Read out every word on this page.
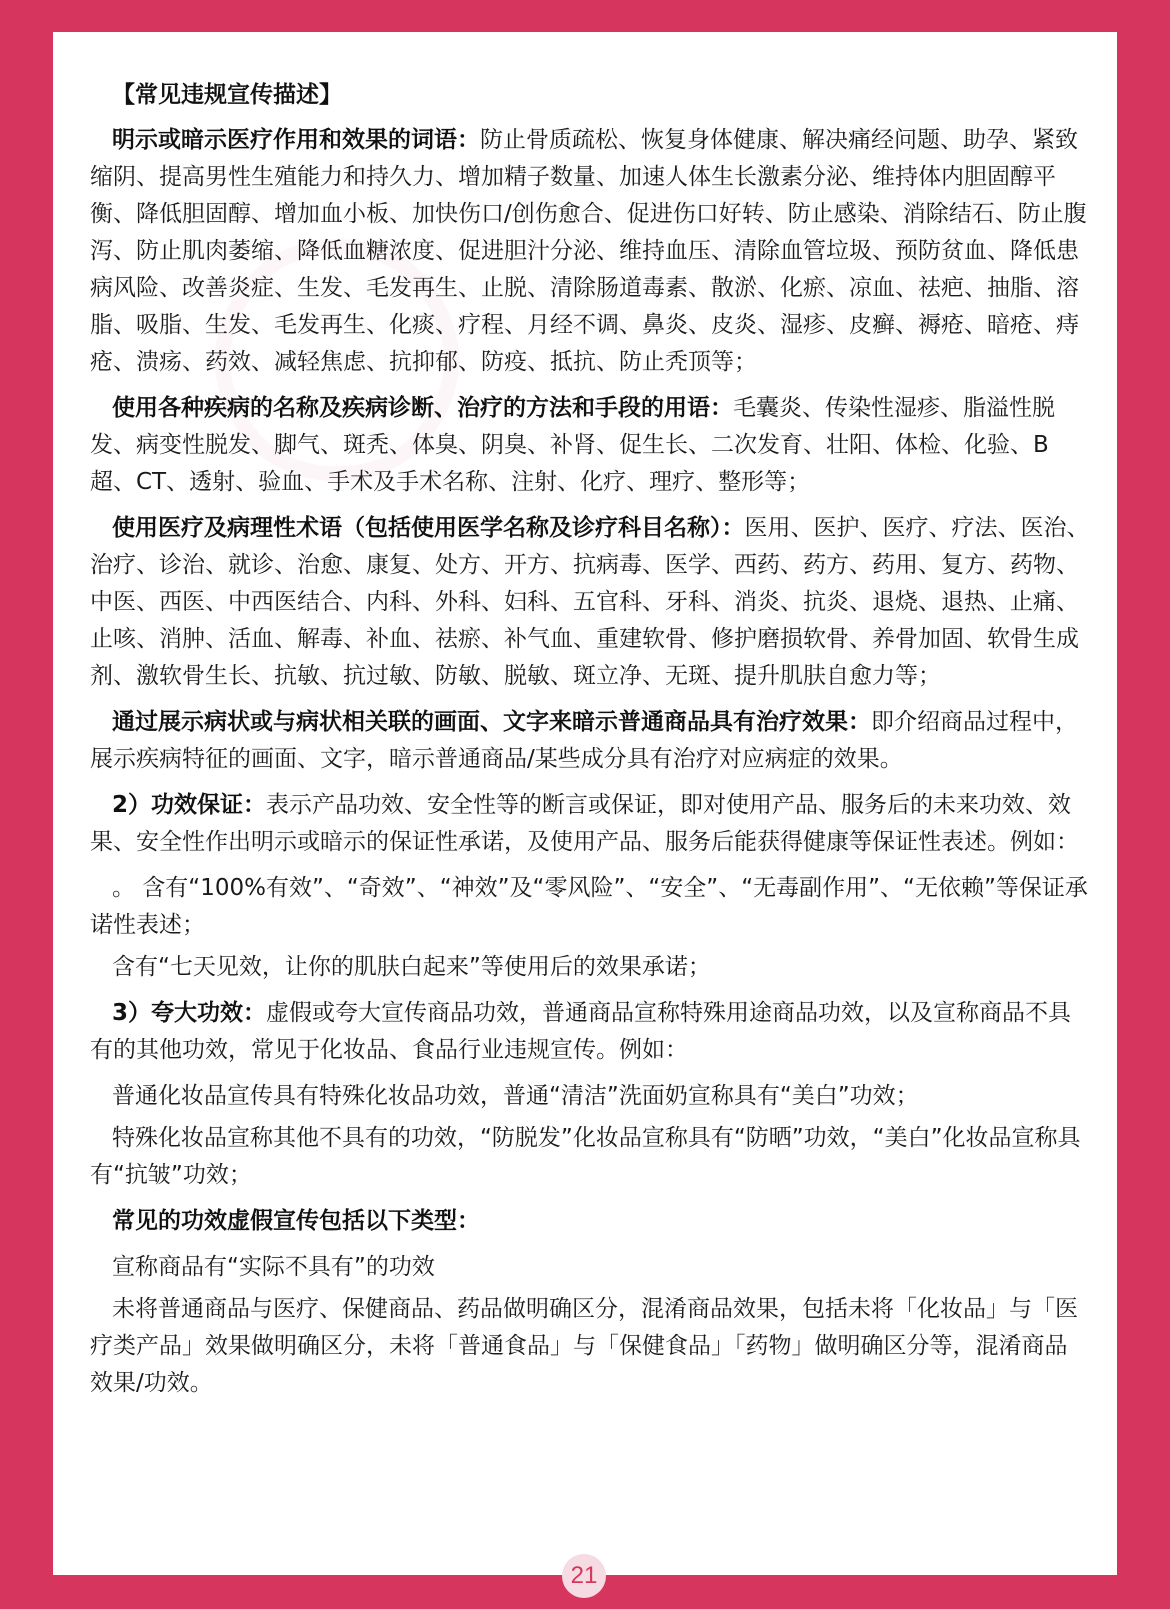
【常见违规宣传描述】

明示或暗示医疗作用和效果的词语：防止骨质疏松、恢复身体健康、解决痛经问题、助孕、紧致缩阴、提高男性生殖能力和持久力、增加精子数量、加速人体生长激素分泌、维持体内胆固醇平衡、降低胆固醇、增加血小板、加快伤口/创伤愈合、促进伤口好转、防止感染、消除结石、防止腹泻、防止肌肉萎缩、降低血糖浓度、促进胆汁分泌、维持血压、清除血管垃圾、预防贫血、降低患病风险、改善炎症、生发、毛发再生、止脱、清除肠道毒素、散淤、化瘀、凉血、祛疤、抽脂、溶脂、吸脂、生发、毛发再生、化痰、疗程、月经不调、鼻炎、皮炎、湿疹、皮癣、褥疮、暗疮、痔疮、溃疡、药效、减轻焦虑、抗抑郁、防疫、抵抗、防止秃顶等；

使用各种疾病的名称及疾病诊断、治疗的方法和手段的用语：毛囊炎、传染性湿疹、脂溢性脱发、病变性脱发、脚气、斑秃、体臭、阴臭、补肾、促生长、二次发育、壮阳、体检、化验、B超、CT、透射、验血、手术及手术名称、注射、化疗、理疗、整形等；

使用医疗及病理性术语（包括使用医学名称及诊疗科目名称）：医用、医护、医疗、疗法、医治、治疗、诊治、就诊、治愈、康复、处方、开方、抗病毒、医学、西药、药方、药用、复方、药物、中医、西医、中西医结合、内科、外科、妇科、五官科、牙科、消炎、抗炎、退烧、退热、止痛、止咳、消肿、活血、解毒、补血、祛瘀、补气血、重建软骨、修护磨损软骨、养骨加固、软骨生成剂、激软骨生长、抗敏、抗过敏、防敏、脱敏、斑立净、无斑、提升肌肤自愈力等；

通过展示病状或与病状相关联的画面、文字来暗示普通商品具有治疗效果：即介绍商品过程中，展示疾病特征的画面、文字，暗示普通商品/某些成分具有治疗对应病症的效果。

2）功效保证：表示产品功效、安全性等的断言或保证，即对使用产品、服务后的未来功效、效果、安全性作出明示或暗示的保证性承诺，及使用产品、服务后能获得健康等保证性表述。例如：

。 含有“100%有效”、“奇效”、“神效”及“零风险”、“安全”、“无毒副作用”、“无依赖”等保证承诺性表述；

含有“七天见效，让你的肌肤白起来”等使用后的效果承诺；

3）夸大功效：虚假或夸大宣传商品功效，普通商品宣称特殊用途商品功效，以及宣称商品不具有的其他功效，常见于化妆品、食品行业违规宣传。例如：

普通化妆品宣传具有特殊化妆品功效，普通“清洁”洗面奶宣称具有“美白”功效；

特殊化妆品宣称其他不具有的功效，“防脱发”化妆品宣称具有“防晒”功效，“美白”化妆品宣称具有“抗皱”功效；

常见的功效虚假宣传包括以下类型：

宣称商品有“实际不具有”的功效

未将普通商品与医疗、保健商品、药品做明确区分，混淆商品效果，包括未将「化妆品」与「医疗类产品」效果做明确区分，未将「普通食品」与「保健食品」「药物」做明确区分等，混淆商品效果/功效。

21
